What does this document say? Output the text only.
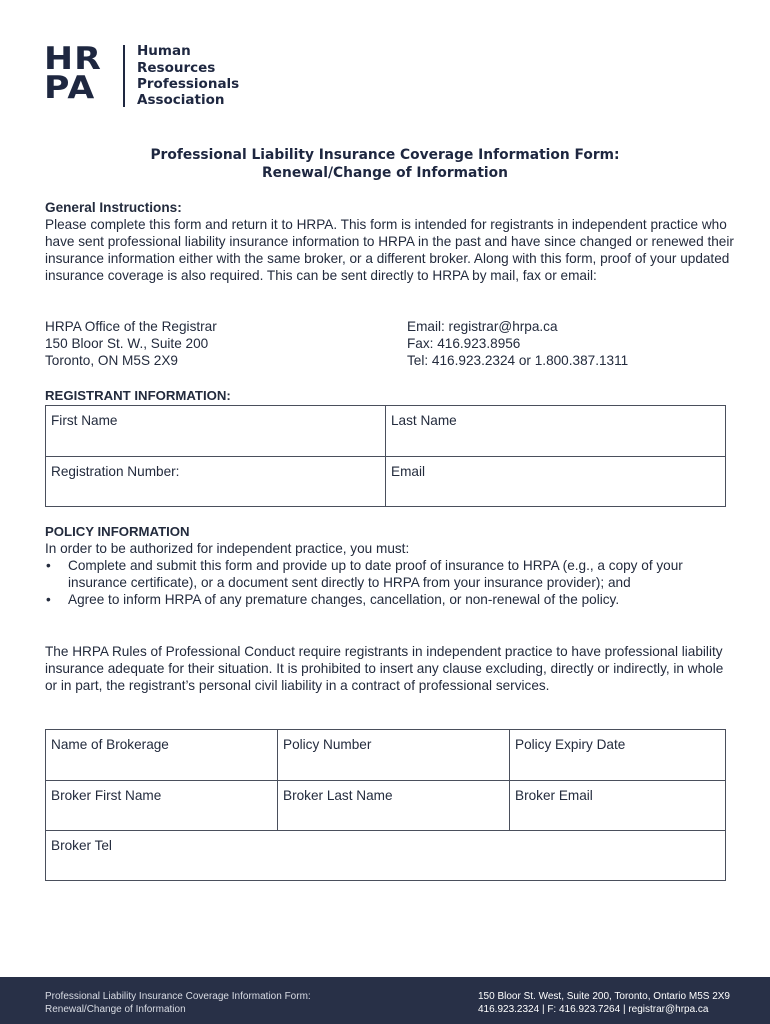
HR
PA
Human
Resources
Professionals
Association
Professional Liability Insurance Coverage Information Form:
Renewal/Change of Information
General Instructions:
Please complete this form and return it to HRPA. This form is intended for registrants in independent practice who have sent professional liability insurance information to HRPA in the past and have since changed or renewed their insurance information either with the same broker, or a different broker. Along with this form, proof of your updated insurance coverage is also required. This can be sent directly to HRPA by mail, fax or email:
HRPA Office of the Registrar
150 Bloor St. W., Suite 200
Toronto, ON M5S 2X9
Email: registrar@hrpa.ca
Fax: 416.923.8956
Tel: 416.923.2324 or 1.800.387.1311
REGISTRANT INFORMATION:
First Name	Last Name
Registration Number:	Email
POLICY INFORMATION
In order to be authorized for independent practice, you must:
• Complete and submit this form and provide up to date proof of insurance to HRPA (e.g., a copy of your insurance certificate), or a document sent directly to HRPA from your insurance provider); and
• Agree to inform HRPA of any premature changes, cancellation, or non-renewal of the policy.
The HRPA Rules of Professional Conduct require registrants in independent practice to have professional liability insurance adequate for their situation. It is prohibited to insert any clause excluding, directly or indirectly, in whole or in part, the registrant’s personal civil liability in a contract of professional services.
Name of Brokerage	Policy Number	Policy Expiry Date
Broker First Name	Broker Last Name	Broker Email
Broker Tel
Professional Liability Insurance Coverage Information Form:
Renewal/Change of Information
150 Bloor St. West, Suite 200, Toronto, Ontario M5S 2X9
416.923.2324 | F: 416.923.7264 | registrar@hrpa.ca
